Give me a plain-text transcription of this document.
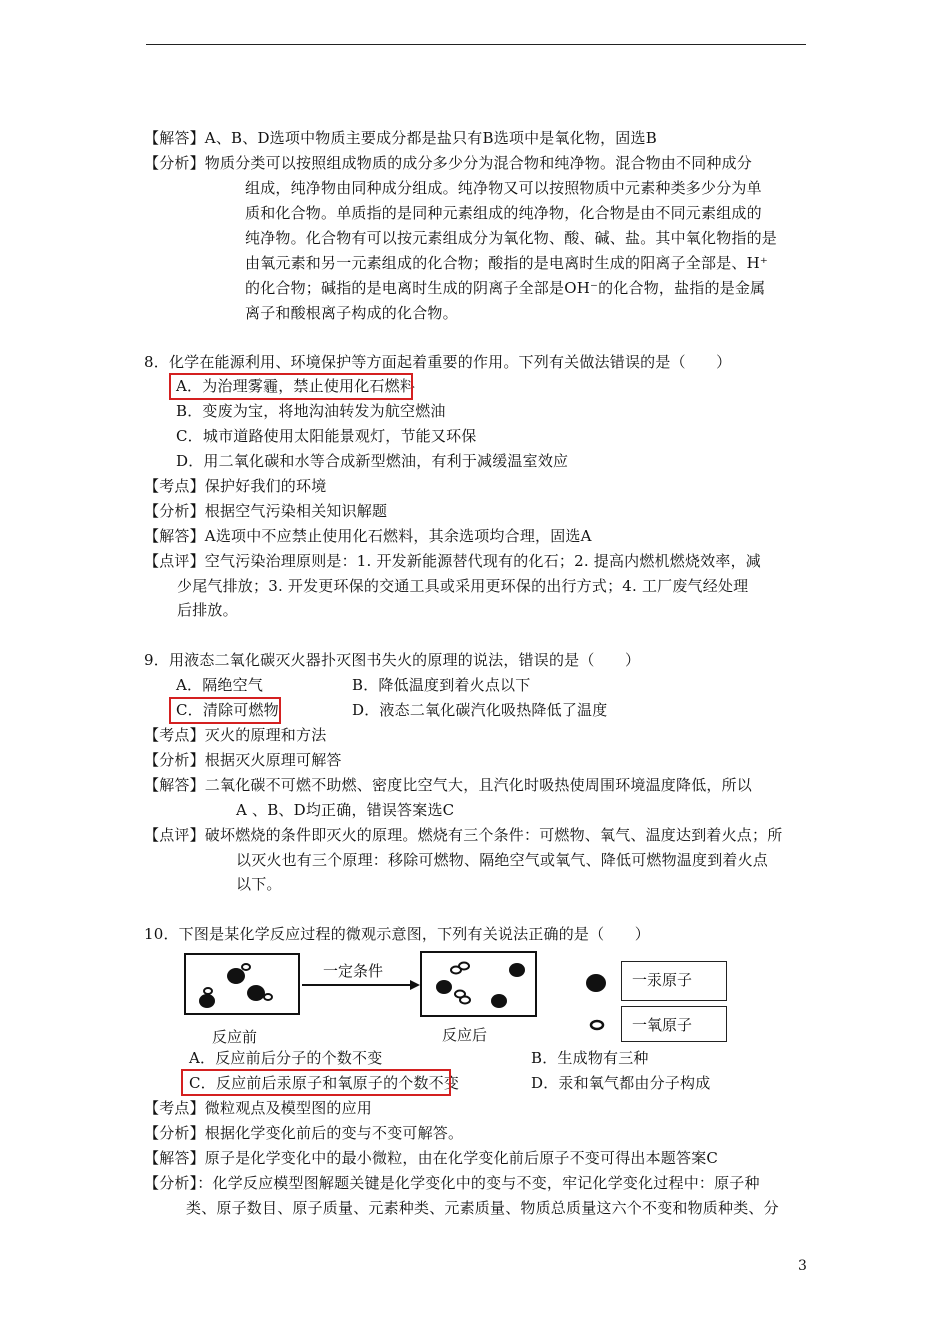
【解答】A、B、D选项中物质主要成分都是盐只有B选项中是氧化物，固选B
【分析】物质分类可以按照组成物质的成分多少分为混合物和纯净物。混合物由不同种成分
组成，纯净物由同种成分组成。纯净物又可以按照物质中元素种类多少分为单
质和化合物。单质指的是同种元素组成的纯净物，化合物是由不同元素组成的
纯净物。化合物有可以按元素组成分为氧化物、酸、碱、盐。其中氧化物指的是
由氧元素和另一元素组成的化合物；酸指的是电离时生成的阳离子全部是、H⁺
的化合物；碱指的是电离时生成的阴离子全部是OH⁻的化合物，盐指的是金属
离子和酸根离子构成的化合物。
8．化学在能源利用、环境保护等方面起着重要的作用。下列有关做法错误的是（　　）
A．为治理雾霾，禁止使用化石燃料
B．变废为宝，将地沟油转发为航空燃油
C．城市道路使用太阳能景观灯，节能又环保
D．用二氧化碳和水等合成新型燃油，有利于减缓温室效应
【考点】保护好我们的环境
【分析】根据空气污染相关知识解题
【解答】A选项中不应禁止使用化石燃料，其余选项均合理，固选A
【点评】空气污染治理原则是：1. 开发新能源替代现有的化石；2. 提高内燃机燃烧效率，减
少尾气排放；3. 开发更环保的交通工具或采用更环保的出行方式；4. 工厂废气经处理
后排放。
9．用液态二氧化碳灭火器扑灭图书失火的原理的说法，错误的是（　　）
A．隔绝空气	B．降低温度到着火点以下
C．清除可燃物	D．液态二氧化碳汽化吸热降低了温度
【考点】灭火的原理和方法
【分析】根据灭火原理可解答
【解答】二氧化碳不可燃不助燃、密度比空气大，且汽化时吸热使周围环境温度降低，所以
A 、B、D均正确，错误答案选C
【点评】破坏燃烧的条件即灭火的原理。燃烧有三个条件：可燃物、氧气、温度达到着火点；所
以灭火也有三个原理：移除可燃物、隔绝空气或氧气、降低可燃物温度到着火点
以下。
10．下图是某化学反应过程的微观示意图，下列有关说法正确的是（　　）
一定条件
反应前	反应后
一汞原子
一氧原子
A．反应前后分子的个数不变	B．生成物有三种
C．反应前后汞原子和氧原子的个数不变	D．汞和氧气都由分子构成
【考点】微粒观点及模型图的应用
【分析】根据化学变化前后的变与不变可解答。
【解答】原子是化学变化中的最小微粒，由在化学变化前后原子不变可得出本题答案C
【分析】：化学反应模型图解题关键是化学变化中的变与不变，牢记化学变化过程中：原子种
类、原子数目、原子质量、元素种类、元素质量、物质总质量这六个不变和物质种类、分
3
